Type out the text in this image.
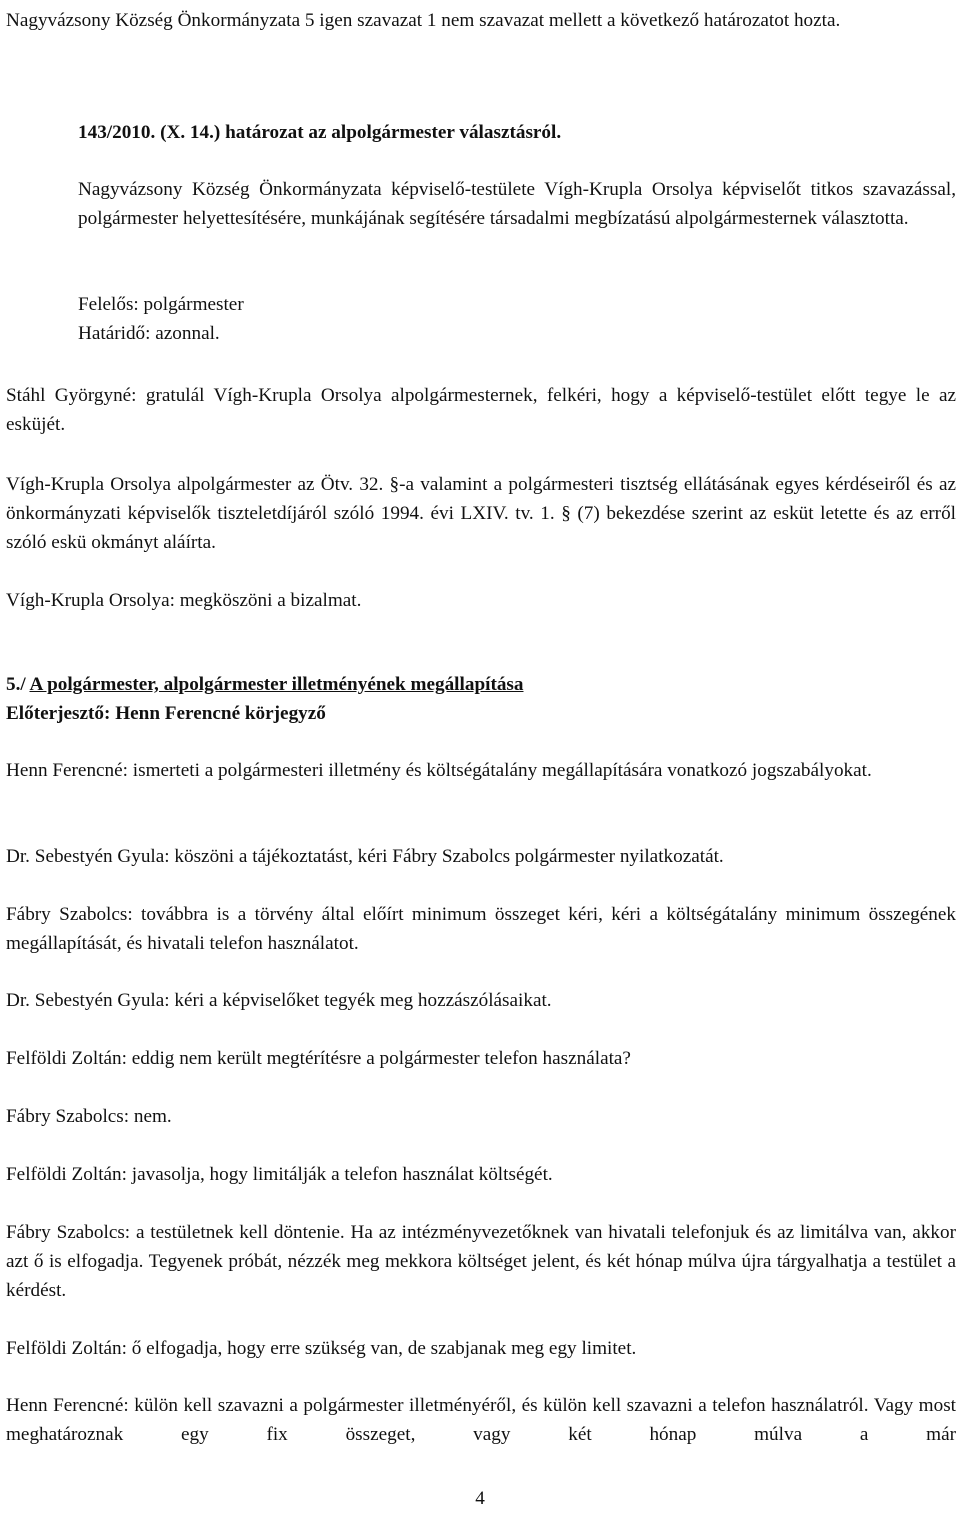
Nagyvázsony Község Önkormányzata 5 igen szavazat 1 nem szavazat mellett a következő határozatot hozta.

143/2010. (X. 14.) határozat az alpolgármester választásról.

Nagyvázsony Község Önkormányzata képviselő-testülete Vígh-Krupla Orsolya képviselőt titkos szavazással, polgármester helyettesítésére, munkájának segítésére társadalmi megbízatású alpolgármesternek választotta.

Felelős: polgármester

Határidő: azonnal.

Stáhl Györgyné: gratulál Vígh-Krupla Orsolya alpolgármesternek, felkéri, hogy a képviselő-testület előtt tegye le az esküjét.

Vígh-Krupla Orsolya alpolgármester az Ötv. 32. §-a valamint a polgármesteri tisztség ellátásának egyes kérdéseiről és az önkormányzati képviselők tiszteletdíjáról szóló 1994. évi LXIV. tv. 1. § (7) bekezdése szerint az esküt letette és az erről szóló eskü okmányt aláírta.

Vígh-Krupla Orsolya: megköszöni a bizalmat.

5./ A polgármester, alpolgármester illetményének megállapítása

Előterjesztő: Henn Ferencné körjegyző

Henn Ferencné: ismerteti a polgármesteri illetmény és költségátalány megállapítására vonatkozó jogszabályokat.

Dr. Sebestyén Gyula: köszöni a tájékoztatást, kéri Fábry Szabolcs polgármester nyilatkozatát.

Fábry Szabolcs: továbbra is a törvény által előírt minimum összeget kéri, kéri a költségátalány minimum összegének megállapítását, és hivatali telefon használatot.

Dr. Sebestyén Gyula: kéri a képviselőket tegyék meg hozzászólásaikat.

Felföldi Zoltán: eddig nem került megtérítésre a polgármester telefon használata?

Fábry Szabolcs: nem.

Felföldi Zoltán: javasolja, hogy limitálják a telefon használat költségét.

Fábry Szabolcs: a testületnek kell döntenie. Ha az intézményvezetőknek van hivatali telefonjuk és az limitálva van, akkor azt ő is elfogadja. Tegyenek próbát, nézzék meg mekkora költséget jelent, és két hónap múlva újra tárgyalhatja a testület a kérdést.

Felföldi Zoltán: ő elfogadja, hogy erre szükség van, de szabjanak meg egy limitet.

Henn Ferencné: külön kell szavazni a polgármester illetményéről, és külön kell szavazni a telefon használatról. Vagy most meghatároznak egy fix összeget, vagy két hónap múlva a már

4
